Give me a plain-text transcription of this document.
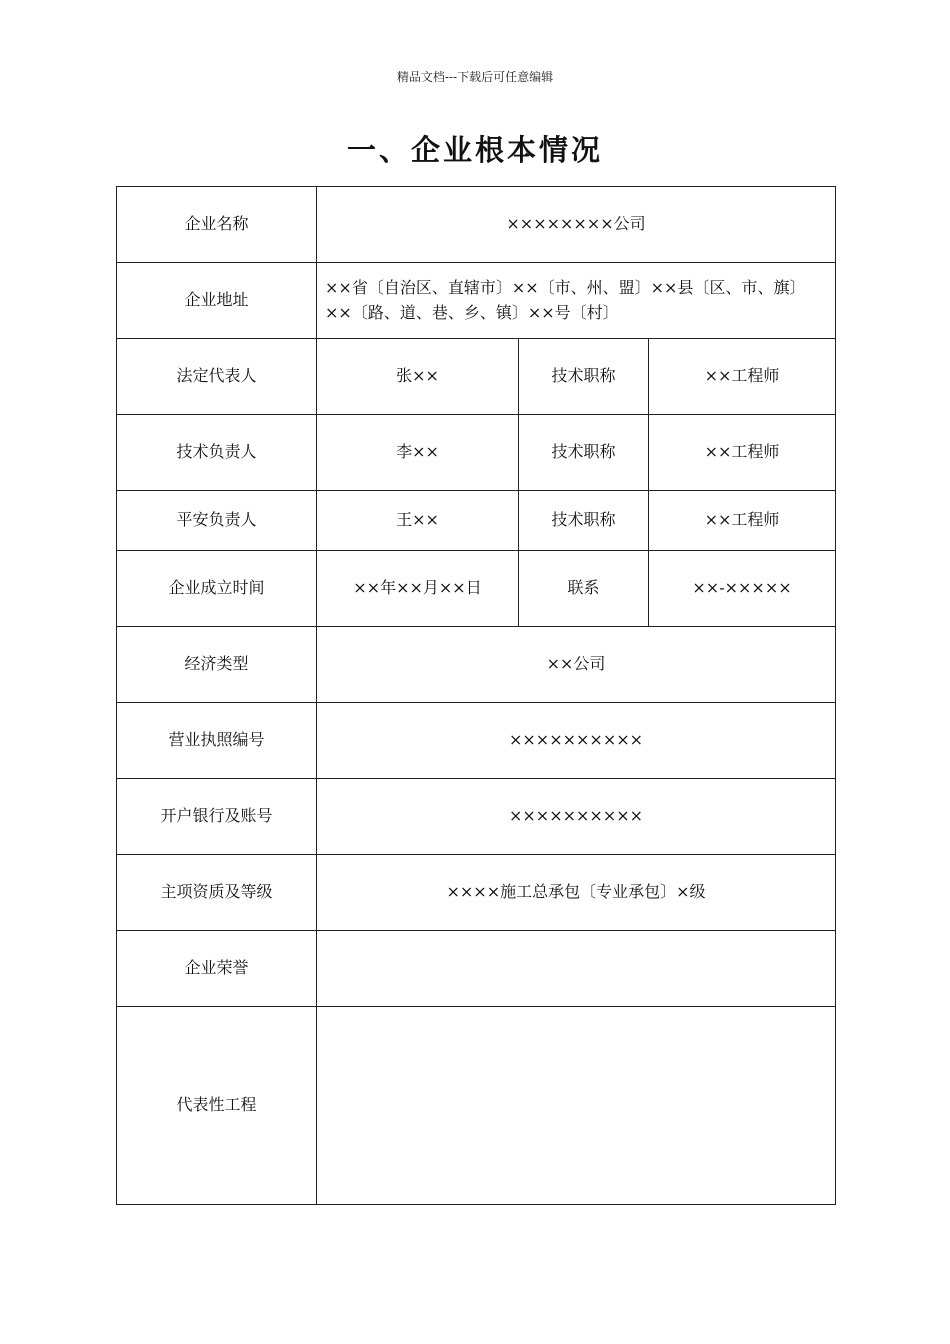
精品文档---下载后可任意编辑
一、企业根本情况
企业名称	××××××××公司		
企业地址	××省〔自治区、直辖市〕××〔市、州、盟〕××县〔区、市、旗〕××〔路、道、巷、乡、镇〕××号〔村〕		
法定代表人	张××	技术职称	××工程师
技术负责人	李××	技术职称	××工程师
平安负责人	王××	技术职称	××工程师
企业成立时间	××年××月××日	联系	××-×××××
经济类型	××公司		
营业执照编号	××××××××××		
开户银行及账号	××××××××××		
主项资质及等级	××××施工总承包〔专业承包〕×级		
企业荣誉			
代表性工程			
